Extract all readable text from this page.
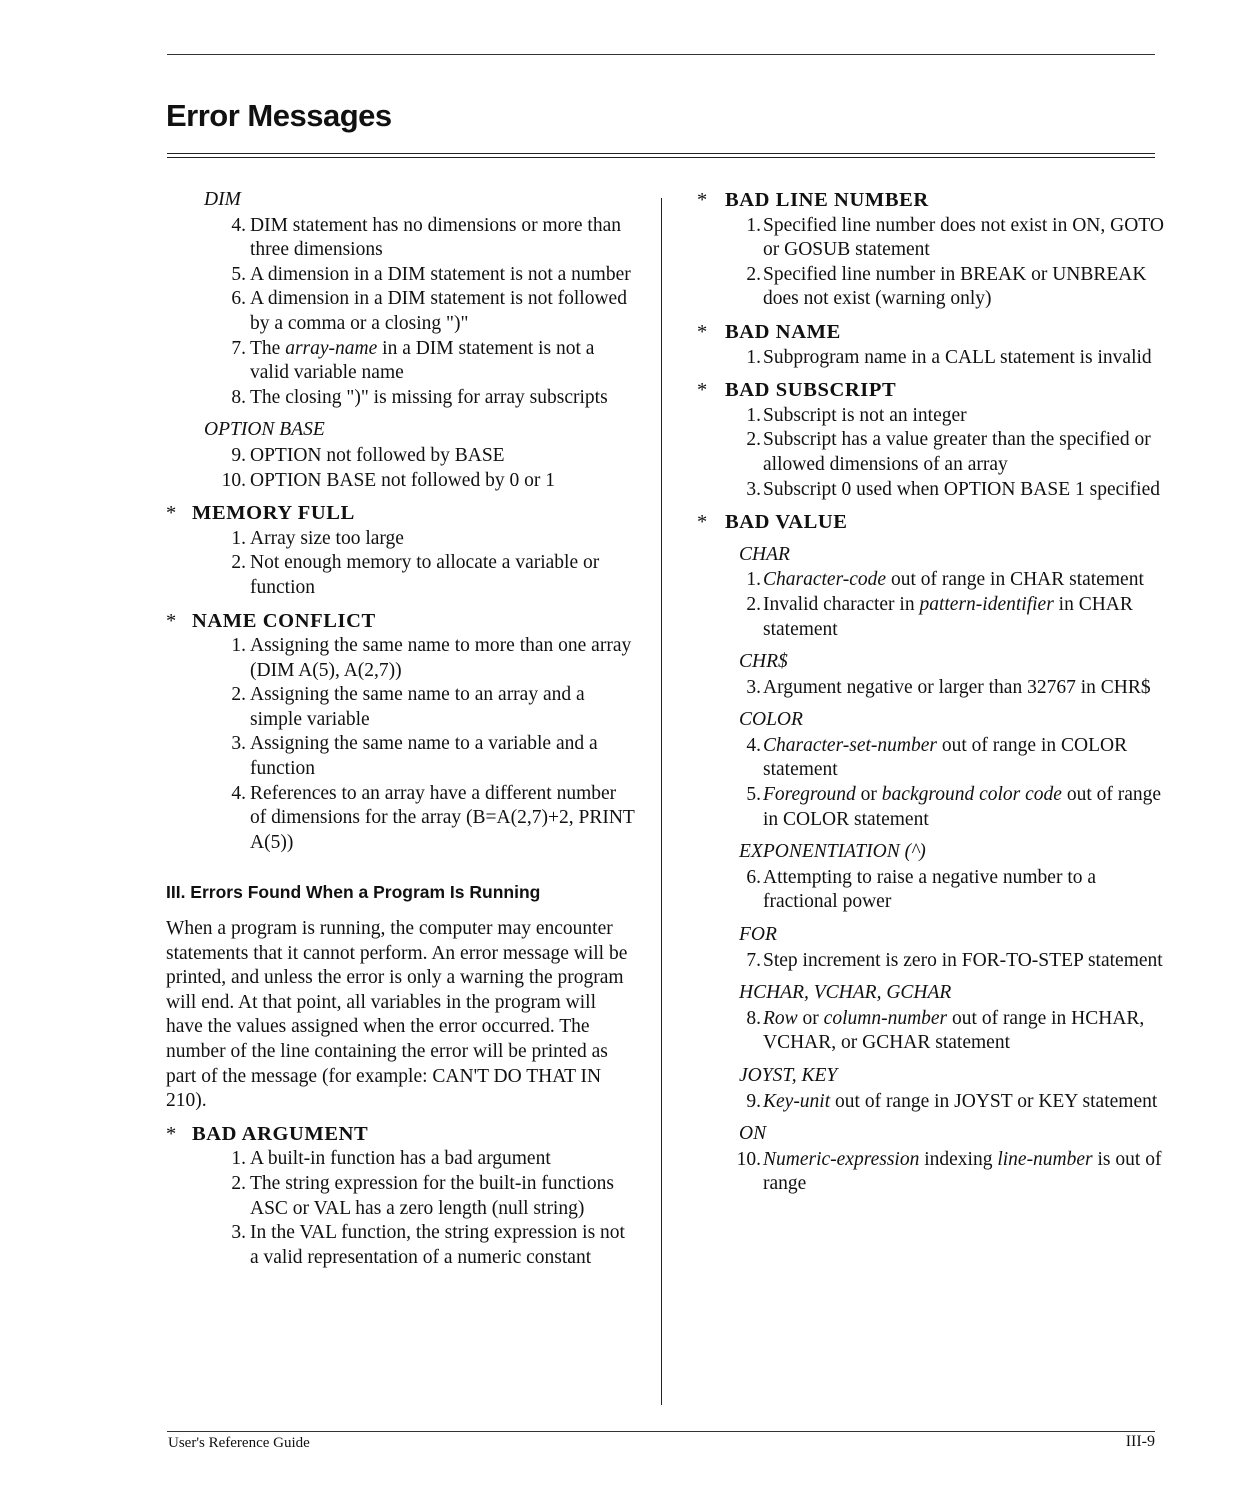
Error Messages
DIM
4. DIM statement has no dimensions or more than three dimensions
5. A dimension in a DIM statement is not a number
6. A dimension in a DIM statement is not followed by a comma or a closing ")"
7. The array-name in a DIM statement is not a valid variable name
8. The closing ")" is missing for array subscripts
OPTION BASE
9. OPTION not followed by BASE
10. OPTION BASE not followed by 0 or 1
* MEMORY FULL
1. Array size too large
2. Not enough memory to allocate a variable or function
* NAME CONFLICT
1. Assigning the same name to more than one array (DIM A(5), A(2,7))
2. Assigning the same name to an array and a simple variable
3. Assigning the same name to a variable and a function
4. References to an array have a different number of dimensions for the array (B=A(2,7)+2, PRINT A(5))
III. Errors Found When a Program Is Running

When a program is running, the computer may encounter statements that it cannot perform. An error message will be printed, and unless the error is only a warning the program will end. At that point, all variables in the program will have the values assigned when the error occurred. The number of the line containing the error will be printed as part of the message (for example: CAN'T DO THAT IN 210).

* BAD ARGUMENT
1. A built-in function has a bad argument
2. The string expression for the built-in functions ASC or VAL has a zero length (null string)
3. In the VAL function, the string expression is not a valid representation of a numeric constant
* BAD LINE NUMBER
1. Specified line number does not exist in ON, GOTO or GOSUB statement
2. Specified line number in BREAK or UNBREAK does not exist (warning only)
* BAD NAME
1. Subprogram name in a CALL statement is invalid
* BAD SUBSCRIPT
1. Subscript is not an integer
2. Subscript has a value greater than the specified or allowed dimensions of an array
3. Subscript 0 used when OPTION BASE 1 specified
* BAD VALUE
CHAR
1. Character-code out of range in CHAR statement
2. Invalid character in pattern-identifier in CHAR statement
CHR$
3. Argument negative or larger than 32767 in CHR$
COLOR
4. Character-set-number out of range in COLOR statement
5. Foreground or background color code out of range in COLOR statement
EXPONENTIATION (^)
6. Attempting to raise a negative number to a fractional power
FOR
7. Step increment is zero in FOR-TO-STEP statement
HCHAR, VCHAR, GCHAR
8. Row or column-number out of range in HCHAR, VCHAR, or GCHAR statement
JOYST, KEY
9. Key-unit out of range in JOYST or KEY statement
ON
10. Numeric-expression indexing line-number is out of range
User's Reference Guide	III-9
